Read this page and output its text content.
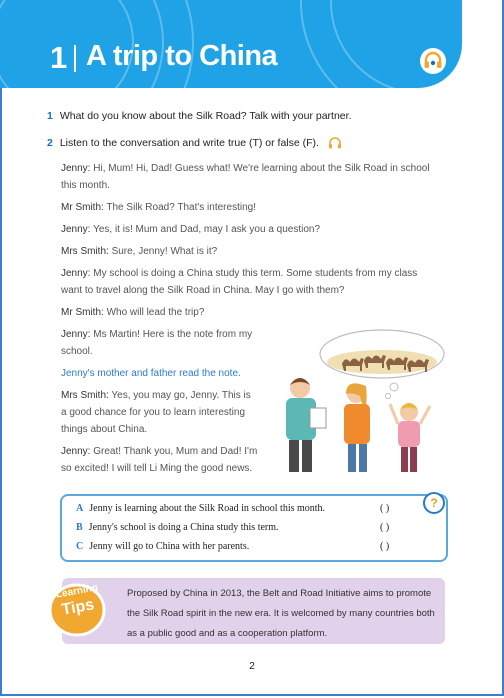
1 A trip to China
1 What do you know about the Silk Road? Talk with your partner.
2 Listen to the conversation and write true (T) or false (F).
Jenny: Hi, Mum! Hi, Dad! Guess what! We're learning about the Silk Road in school
this month.
Mr Smith: The Silk Road? That's interesting!
Jenny: Yes, it is! Mum and Dad, may I ask you a question?
Mrs Smith: Sure, Jenny! What is it?
Jenny: My school is doing a China study this term. Some students from my class
want to travel along the Silk Road in China. May I go with them?
Mr Smith: Who will lead the trip?
Jenny: Ms Martin! Here is the note from my
school.
Jenny's mother and father read the note.
Mrs Smith: Yes, you may go, Jenny. This is
a good chance for you to learn interesting
things about China.
Jenny: Great! Thank you, Mum and Dad! I'm
so excited! I will tell Li Ming the good news.
A Jenny is learning about the Silk Road in school this month.	( )
B Jenny's school is doing a China study this term.	( )
C Jenny will go to China with her parents.	( )
?
Learning
Tips
Proposed by China in 2013, the Belt and Road Initiative aims to promote the Silk Road spirit in the new era. It is welcomed by many countries both as a public good and as a cooperation platform.
2
